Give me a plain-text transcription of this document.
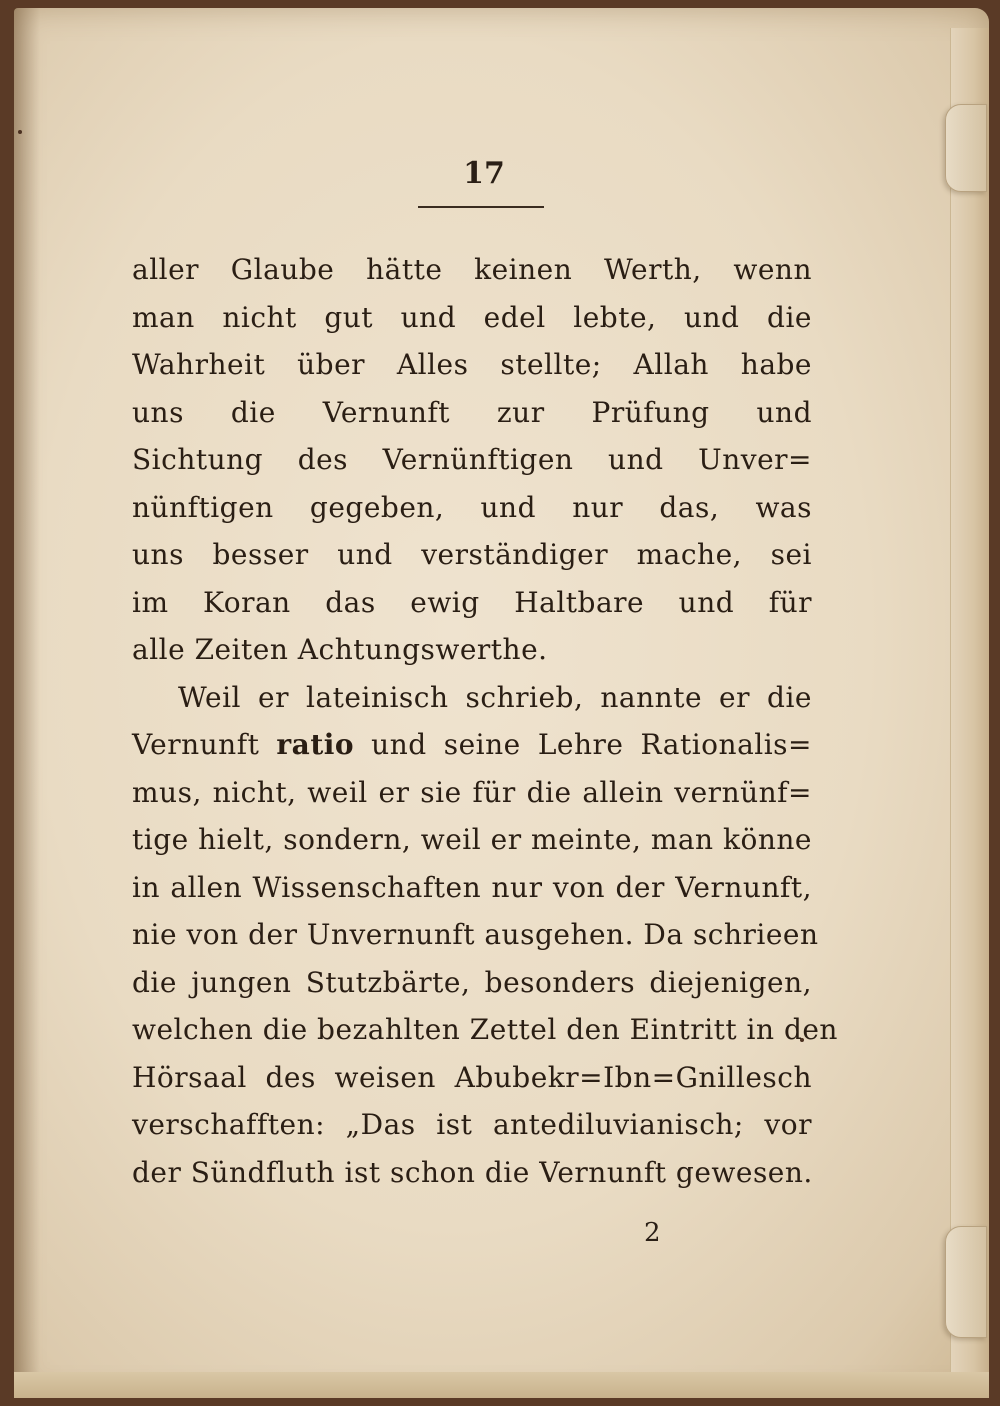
17
aller Glaube hätte keinen Werth, wenn
man nicht gut und edel lebte, und die
Wahrheit über Alles stellte; Allah habe
uns die Vernunft zur Prüfung und
Sichtung des Vernünftigen und Unver=
nünftigen gegeben, und nur das, was
uns besser und verständiger mache, sei
im Koran das ewig Haltbare und für
alle Zeiten Achtungswerthe.
Weil er lateinisch schrieb, nannte er die
Vernunft ratio und seine Lehre Rationalis=
mus, nicht, weil er sie für die allein vernünf=
tige hielt, sondern, weil er meinte, man könne
in allen Wissenschaften nur von der Vernunft,
nie von der Unvernunft ausgehen. Da schrieen
die jungen Stutzbärte, besonders diejenigen,
welchen die bezahlten Zettel den Eintritt in den
Hörsaal des weisen Abubekr=Ibn=Gnillesch
verschafften: „Das ist antediluvianisch; vor
der Sündfluth ist schon die Vernunft gewesen.
2
